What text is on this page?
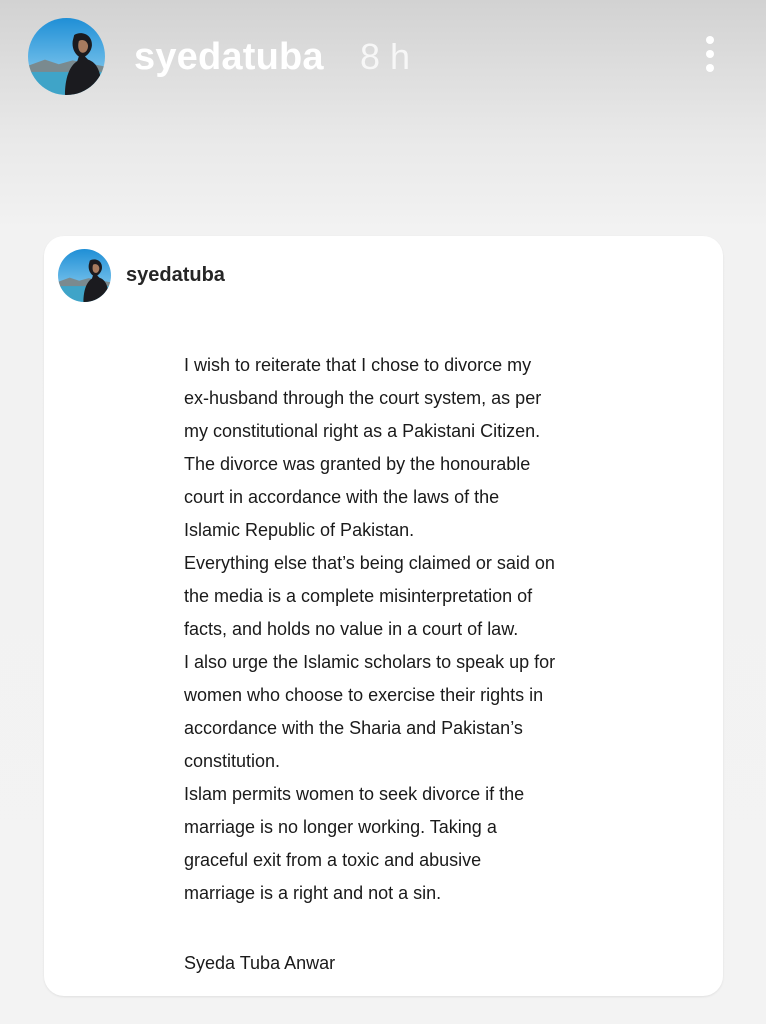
syedatuba 8 h
syedatuba
I wish to reiterate that I chose to divorce my
ex-husband through the court system, as per
my constitutional right as a Pakistani Citizen.
The divorce was granted by the honourable
court in accordance with the laws of the
Islamic Republic of Pakistan.
Everything else that’s being claimed or said on
the media is a complete misinterpretation of
facts, and holds no value in a court of law.
I also urge the Islamic scholars to speak up for
women who choose to exercise their rights in
accordance with the Sharia and Pakistan’s
constitution.
Islam permits women to seek divorce if the
marriage is no longer working. Taking a
graceful exit from a toxic and abusive
marriage is a right and not a sin.
Syeda Tuba Anwar
